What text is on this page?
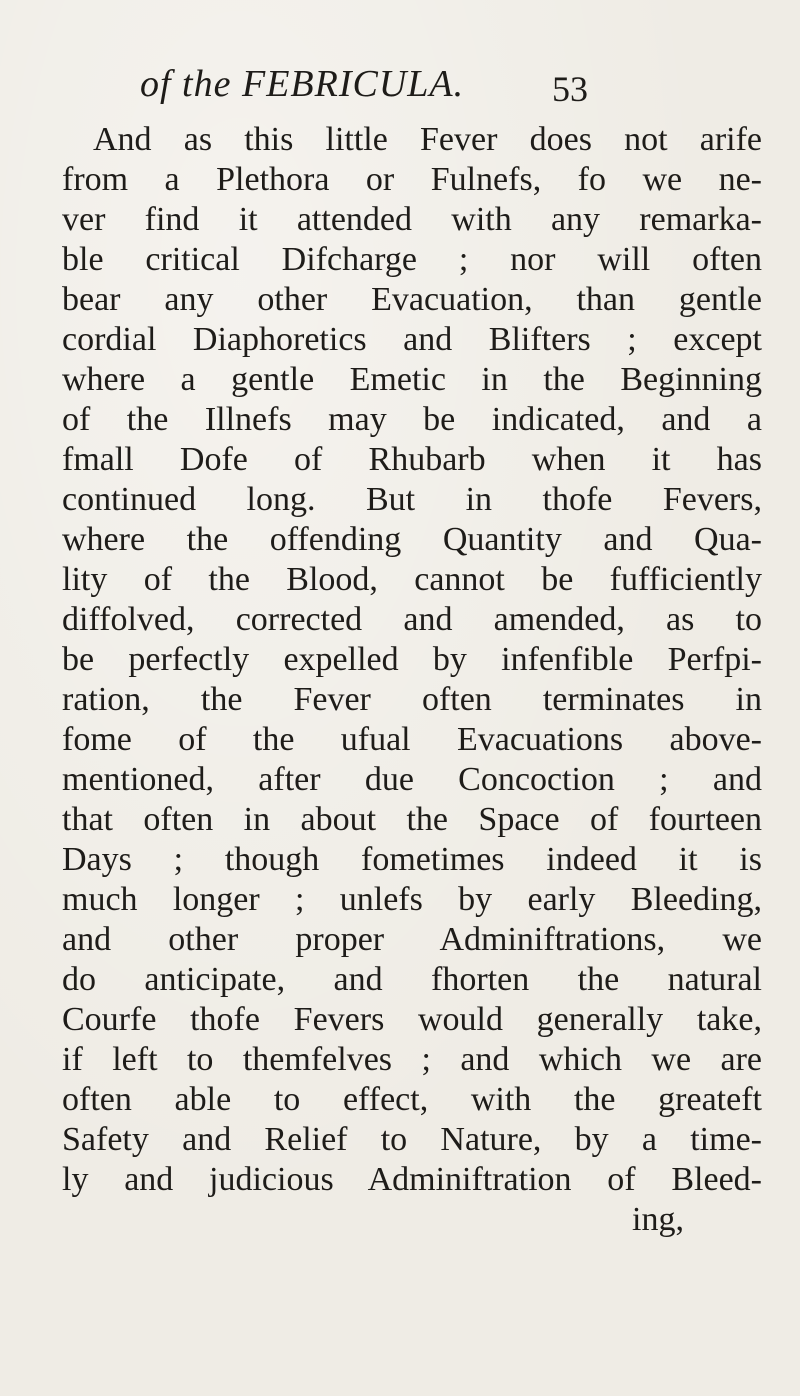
of the FEBRICULA. 53
And as this little Fever does not arife
from a Plethora or Fulnefs, fo we ne-
ver find it attended with any remarka-
ble critical Difcharge ; nor will often
bear any other Evacuation, than gentle
cordial Diaphoretics and Blifters ; except
where a gentle Emetic in the Beginning
of the Illnefs may be indicated, and a
fmall Dofe of Rhubarb when it has
continued long. But in thofe Fevers,
where the offending Quantity and Qua-
lity of the Blood, cannot be fufficiently
diffolved, corrected and amended, as to
be perfectly expelled by infenfible Perfpi-
ration, the Fever often terminates in
fome of the ufual Evacuations above-
mentioned, after due Concoction ; and
that often in about the Space of fourteen
Days ; though fometimes indeed it is
much longer ; unlefs by early Bleeding,
and other proper Adminiftrations, we
do anticipate, and fhorten the natural
Courfe thofe Fevers would generally take,
if left to themfelves ; and which we are
often able to effect, with the greateft
Safety and Relief to Nature, by a time-
ly and judicious Adminiftration of Bleed-
ing,
